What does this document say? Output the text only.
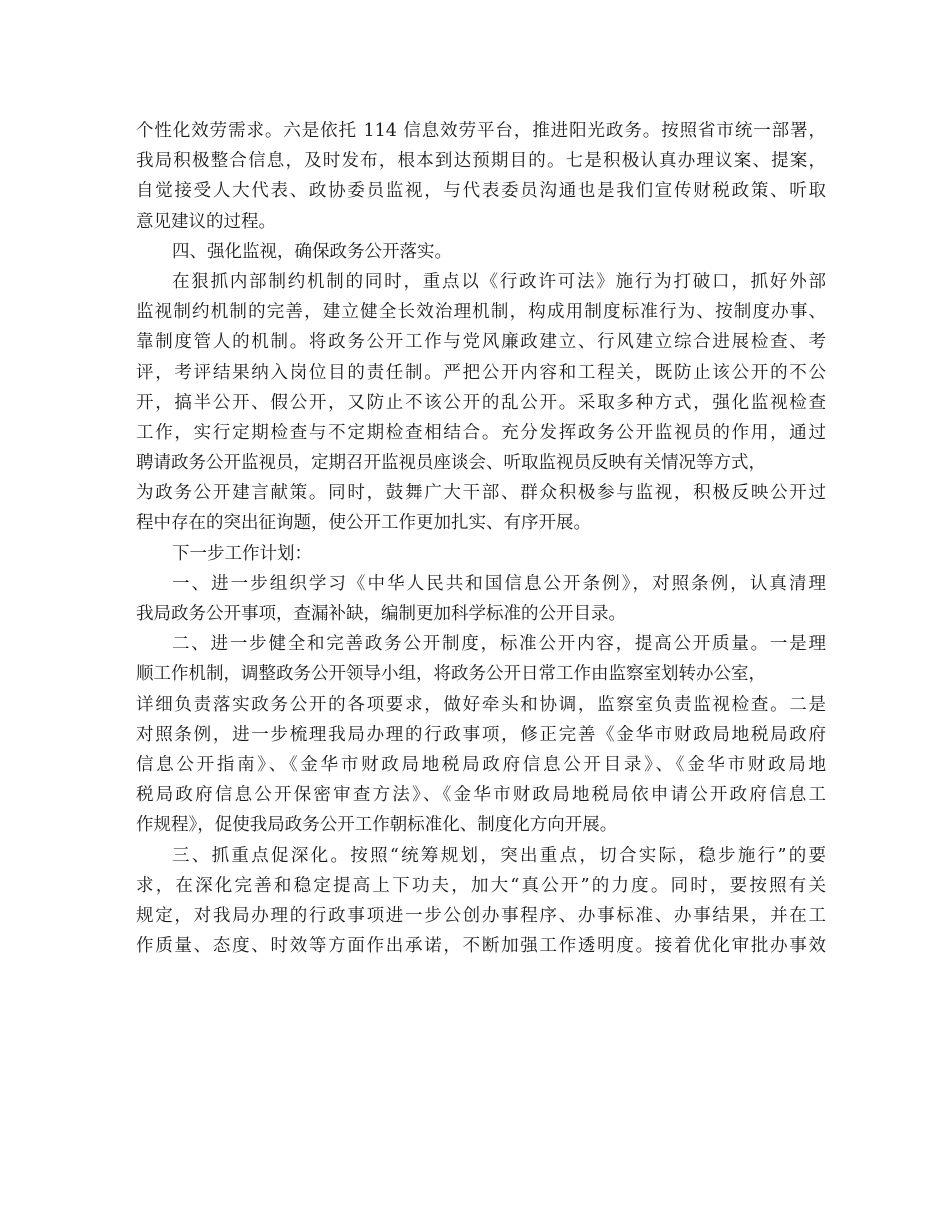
个性化效劳需求。六是依托 114 信息效劳平台，推进阳光政务。按照省市统一部署，
我局积极整合信息，及时发布，根本到达预期目的。七是积极认真办理议案、提案，
自觉接受人大代表、政协委员监视，与代表委员沟通也是我们宣传财税政策、听取
意见建议的过程。
四、强化监视，确保政务公开落实。
在狠抓内部制约机制的同时，重点以《行政许可法》施行为打破口，抓好外部
监视制约机制的完善，建立健全长效治理机制，构成用制度标准行为、按制度办事、
靠制度管人的机制。将政务公开工作与党风廉政建立、行风建立综合进展检查、考
评，考评结果纳入岗位目的责任制。严把公开内容和工程关，既防止该公开的不公
开，搞半公开、假公开，又防止不该公开的乱公开。采取多种方式，强化监视检查
工作，实行定期检查与不定期检查相结合。充分发挥政务公开监视员的作用，通过
聘请政务公开监视员，定期召开监视员座谈会、听取监视员反映有关情况等方式，
为政务公开建言献策。同时，鼓舞广大干部、群众积极参与监视，积极反映公开过
程中存在的突出征询题，使公开工作更加扎实、有序开展。
下一步工作计划：
一、进一步组织学习《中华人民共和国信息公开条例》，对照条例，认真清理
我局政务公开事项，查漏补缺，编制更加科学标准的公开目录。
二、进一步健全和完善政务公开制度，标准公开内容，提高公开质量。一是理
顺工作机制，调整政务公开领导小组，将政务公开日常工作由监察室划转办公室，
详细负责落实政务公开的各项要求，做好牵头和协调，监察室负责监视检查。二是
对照条例，进一步梳理我局办理的行政事项，修正完善《金华市财政局地税局政府
信息公开指南》、《金华市财政局地税局政府信息公开目录》、《金华市财政局地
税局政府信息公开保密审查方法》、《金华市财政局地税局依申请公开政府信息工
作规程》，促使我局政务公开工作朝标准化、制度化方向开展。
三、抓重点促深化。按照“统筹规划，突出重点，切合实际，稳步施行”的要
求，在深化完善和稳定提高上下功夫，加大“真公开”的力度。同时，要按照有关
规定，对我局办理的行政事项进一步公创办事程序、办事标准、办事结果，并在工
作质量、态度、时效等方面作出承诺，不断加强工作透明度。接着优化审批办事效
